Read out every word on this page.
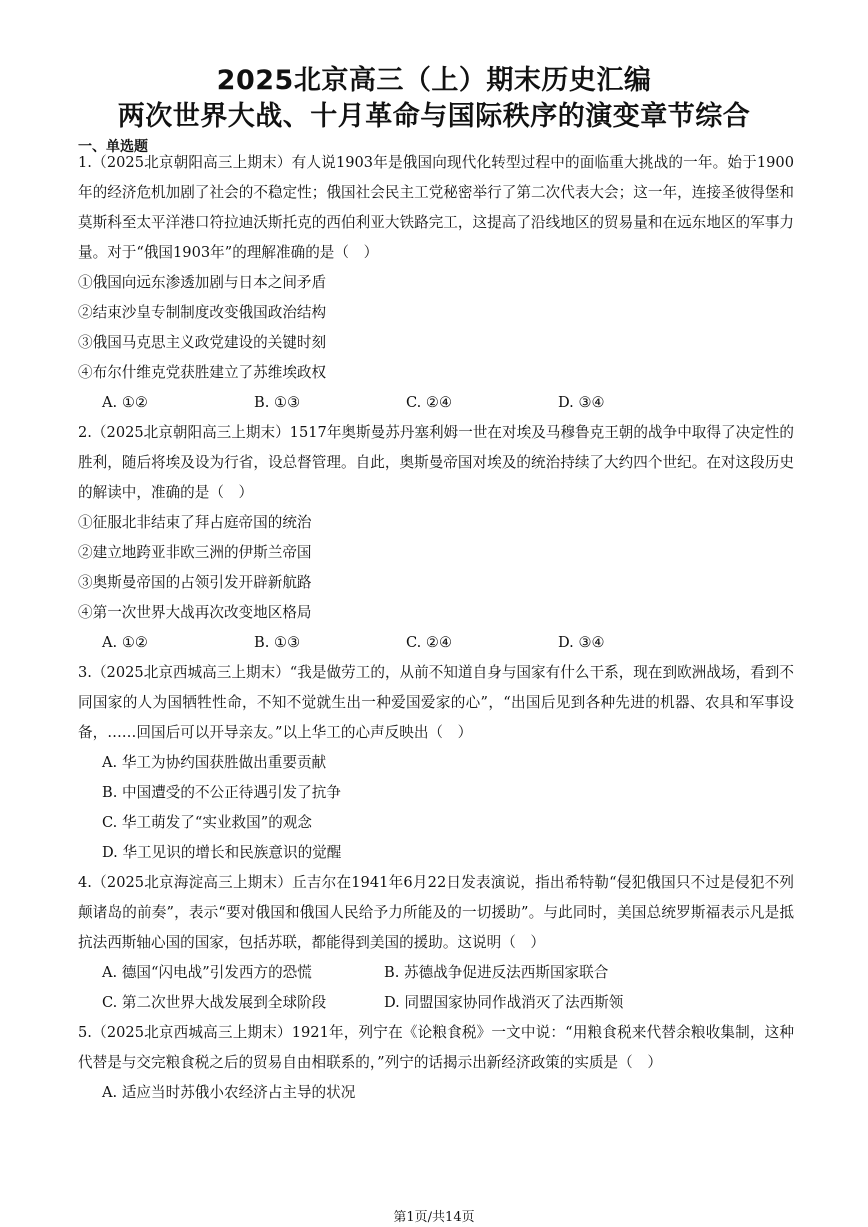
2025北京高三（上）期末历史汇编
两次世界大战、十月革命与国际秩序的演变章节综合
一、单选题

1.（2025北京朝阳高三上期末）有人说1903年是俄国向现代化转型过程中的面临重大挑战的一年。始于1900年的经济危机加剧了社会的不稳定性；俄国社会民主工党秘密举行了第二次代表大会；这一年，连接圣彼得堡和莫斯科至太平洋港口符拉迪沃斯托克的西伯利亚大铁路完工，这提高了沿线地区的贸易量和在远东地区的军事力量。对于“俄国1903年”的理解准确的是（　）

①俄国向远东渗透加剧与日本之间矛盾

②结束沙皇专制制度改变俄国政治结构

③俄国马克思主义政党建设的关键时刻

④布尔什维克党获胜建立了苏维埃政权

A. ①②	B. ①③	C. ②④	D. ③④

2.（2025北京朝阳高三上期末）1517年奥斯曼苏丹塞利姆一世在对埃及马穆鲁克王朝的战争中取得了决定性的胜利，随后将埃及设为行省，设总督管理。自此，奥斯曼帝国对埃及的统治持续了大约四个世纪。在对这段历史的解读中，准确的是（　）

①征服北非结束了拜占庭帝国的统治

②建立地跨亚非欧三洲的伊斯兰帝国

③奥斯曼帝国的占领引发开辟新航路

④第一次世界大战再次改变地区格局

A. ①②	B. ①③	C. ②④	D. ③④

3.（2025北京西城高三上期末）“我是做劳工的，从前不知道自身与国家有什么干系，现在到欧洲战场，看到不同国家的人为国牺牲性命，不知不觉就生出一种爱国爱家的心”，“出国后见到各种先进的机器、农具和军事设备，……回国后可以开导亲友。”以上华工的心声反映出（　）

A. 华工为协约国获胜做出重要贡献

B. 中国遭受的不公正待遇引发了抗争

C. 华工萌发了“实业救国”的观念

D. 华工见识的增长和民族意识的觉醒

4.（2025北京海淀高三上期末）丘吉尔在1941年6月22日发表演说，指出希特勒“侵犯俄国只不过是侵犯不列颠诸岛的前奏”，表示“要对俄国和俄国人民给予力所能及的一切援助”。与此同时，美国总统罗斯福表示凡是抵抗法西斯轴心国的国家，包括苏联，都能得到美国的援助。这说明（　）

A. 德国“闪电战”引发西方的恐慌	B. 苏德战争促进反法西斯国家联合
C. 第二次世界大战发展到全球阶段	D. 同盟国家协同作战消灭了法西斯领

5.（2025北京西城高三上期末）1921年，列宁在《论粮食税》一文中说：“用粮食税来代替余粮收集制，这种代替是与交完粮食税之后的贸易自由相联系的，”列宁的话揭示出新经济政策的实质是（　）

A. 适应当时苏俄小农经济占主导的状况

第1页/共14页
